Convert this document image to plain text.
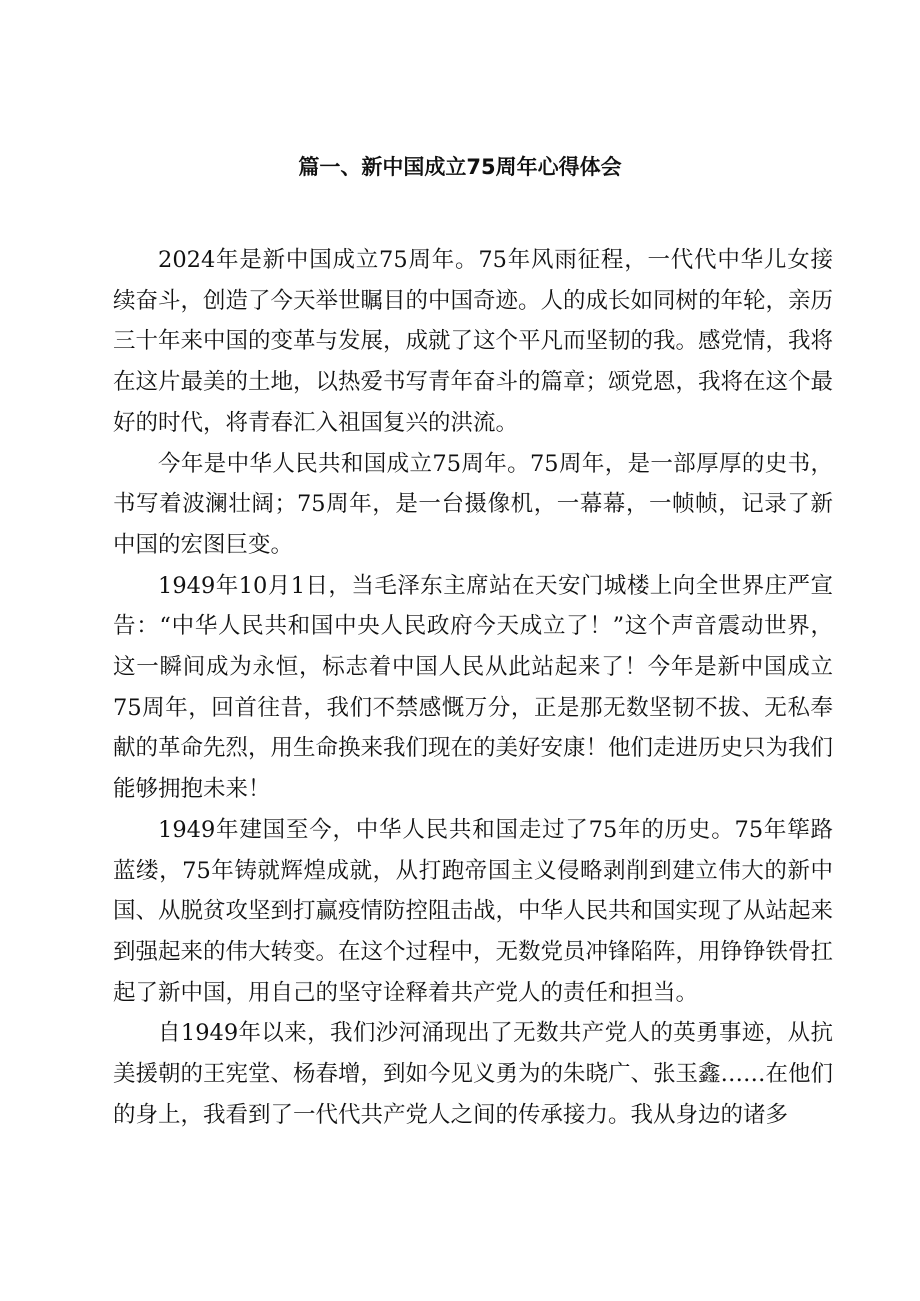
篇一、新中国成立75周年心得体会

2024年是新中国成立75周年。75年风雨征程，一代代中华儿女接续奋斗，创造了今天举世瞩目的中国奇迹。人的成长如同树的年轮，亲历三十年来中国的变革与发展，成就了这个平凡而坚韧的我。感党情，我将在这片最美的土地，以热爱书写青年奋斗的篇章；颂党恩，我将在这个最好的时代，将青春汇入祖国复兴的洪流。

今年是中华人民共和国成立75周年。75周年，是一部厚厚的史书，书写着波澜壮阔；75周年，是一台摄像机，一幕幕，一帧帧，记录了新中国的宏图巨变。

1949年10月1日，当毛泽东主席站在天安门城楼上向全世界庄严宣告：“中华人民共和国中央人民政府今天成立了！”这个声音震动世界，这一瞬间成为永恒，标志着中国人民从此站起来了！今年是新中国成立75周年，回首往昔，我们不禁感慨万分，正是那无数坚韧不拔、无私奉献的革命先烈，用生命换来我们现在的美好安康！他们走进历史只为我们能够拥抱未来！

1949年建国至今，中华人民共和国走过了75年的历史。75年筚路蓝缕，75年铸就辉煌成就，从打跑帝国主义侵略剥削到建立伟大的新中国、从脱贫攻坚到打赢疫情防控阻击战，中华人民共和国实现了从站起来到强起来的伟大转变。在这个过程中，无数党员冲锋陷阵，用铮铮铁骨扛起了新中国，用自己的坚守诠释着共产党人的责任和担当。

自1949年以来，我们沙河涌现出了无数共产党人的英勇事迹，从抗美援朝的王宪堂、杨春增，到如今见义勇为的朱晓广、张玉鑫……在他们的身上，我看到了一代代共产党人之间的传承接力。我从身边的诸多
